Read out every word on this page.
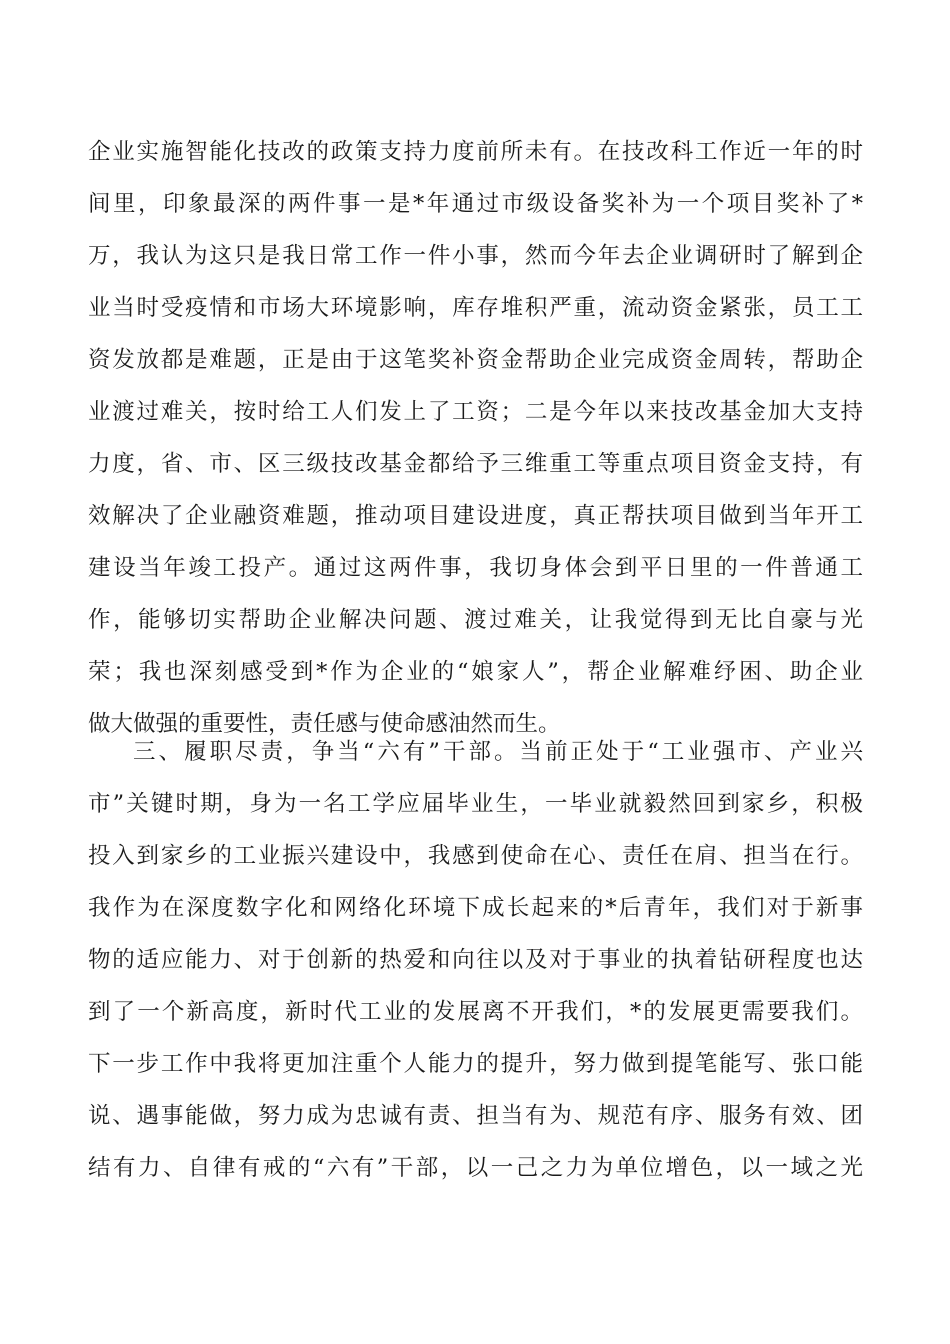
企业实施智能化技改的政策支持力度前所未有。在技改科工作近一年的时
间里，印象最深的两件事一是*年通过市级设备奖补为一个项目奖补了*
万，我认为这只是我日常工作一件小事，然而今年去企业调研时了解到企
业当时受疫情和市场大环境影响，库存堆积严重，流动资金紧张，员工工
资发放都是难题，正是由于这笔奖补资金帮助企业完成资金周转，帮助企
业渡过难关，按时给工人们发上了工资；二是今年以来技改基金加大支持
力度，省、市、区三级技改基金都给予三维重工等重点项目资金支持，有
效解决了企业融资难题，推动项目建设进度，真正帮扶项目做到当年开工
建设当年竣工投产。通过这两件事，我切身体会到平日里的一件普通工
作，能够切实帮助企业解决问题、渡过难关，让我觉得到无比自豪与光
荣；我也深刻感受到*作为企业的“娘家人”，帮企业解难纾困、助企业
做大做强的重要性，责任感与使命感油然而生。
三、履职尽责，争当“六有”干部。当前正处于“工业强市、产业兴
市”关键时期，身为一名工学应届毕业生，一毕业就毅然回到家乡，积极
投入到家乡的工业振兴建设中，我感到使命在心、责任在肩、担当在行。
我作为在深度数字化和网络化环境下成长起来的*后青年，我们对于新事
物的适应能力、对于创新的热爱和向往以及对于事业的执着钻研程度也达
到了一个新高度，新时代工业的发展离不开我们，*的发展更需要我们。
下一步工作中我将更加注重个人能力的提升，努力做到提笔能写、张口能
说、遇事能做，努力成为忠诚有责、担当有为、规范有序、服务有效、团
结有力、自律有戒的“六有”干部，以一己之力为单位增色，以一域之光
